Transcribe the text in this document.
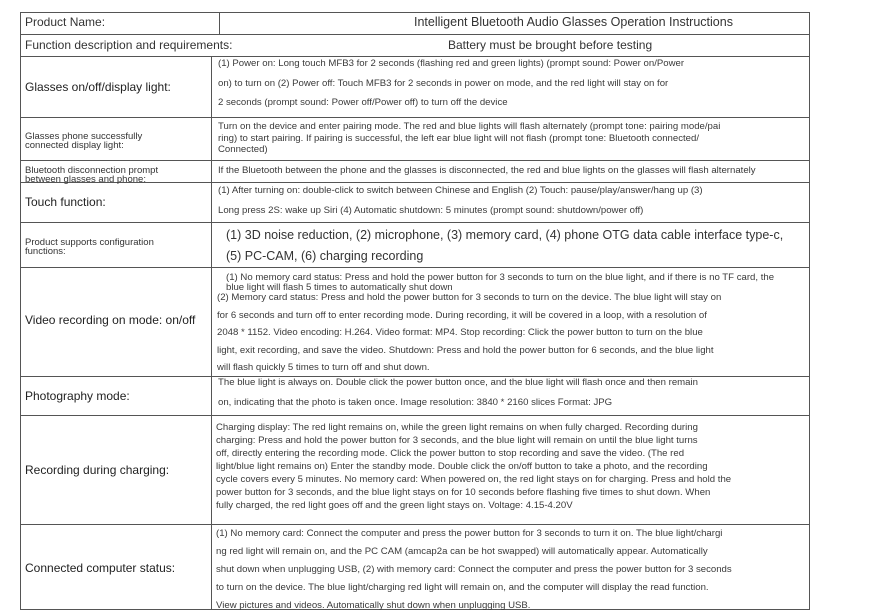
Product Name:	Intelligent Bluetooth Audio Glasses Operation Instructions
Function description and requirements:	Battery must be brought before testing
Glasses on/off/display light:
(1) Power on: Long touch MFB3 for 2 seconds (flashing red and green lights) (prompt sound: Power on/Power
on) to turn on (2) Power off: Touch MFB3 for 2 seconds in power on mode, and the red light will stay on for
2 seconds (prompt sound: Power off/Power off) to turn off the device
Glasses phone successfully
connected display light:
Turn on the device and enter pairing mode. The red and blue lights will flash alternately (prompt tone: pairing mode/pai
ring) to start pairing. If pairing is successful, the left ear blue light will not flash (prompt tone: Bluetooth connected/
Connected)
Bluetooth disconnection prompt
between glasses and phone:
If the Bluetooth between the phone and the glasses is disconnected, the red and blue lights on the glasses will flash alternately
Touch function:
(1) After turning on: double-click to switch between Chinese and English (2) Touch: pause/play/answer/hang up (3)
Long press 2S: wake up Siri (4) Automatic shutdown: 5 minutes (prompt sound: shutdown/power off)
Product supports configuration
functions:
(1) 3D noise reduction, (2) microphone, (3) memory card, (4) phone OTG data cable interface type-c,
(5) PC-CAM, (6) charging recording
Video recording on mode: on/off
(1) No memory card status: Press and hold the power button for 3 seconds to turn on the blue light, and if there is no TF card, the
blue light will flash 5 times to automatically shut down
(2) Memory card status: Press and hold the power button for 3 seconds to turn on the device. The blue light will stay on
for 6 seconds and turn off to enter recording mode. During recording, it will be covered in a loop, with a resolution of
2048 * 1152. Video encoding: H.264. Video format: MP4. Stop recording: Click the power button to turn on the blue
light, exit recording, and save the video. Shutdown: Press and hold the power button for 6 seconds, and the blue light
will flash quickly 5 times to turn off and shut down.
Photography mode:
The blue light is always on. Double click the power button once, and the blue light will flash once and then remain
on, indicating that the photo is taken once. Image resolution: 3840 * 2160 slices Format: JPG
Recording during charging:
Charging display: The red light remains on, while the green light remains on when fully charged. Recording during
charging: Press and hold the power button for 3 seconds, and the blue light will remain on until the blue light turns
off, directly entering the recording mode. Click the power button to stop recording and save the video. (The red
light/blue light remains on) Enter the standby mode. Double click the on/off button to take a photo, and the recording
cycle covers every 5 minutes. No memory card: When powered on, the red light stays on for charging. Press and hold the
power button for 3 seconds, and the blue light stays on for 10 seconds before flashing five times to shut down. When
fully charged, the red light goes off and the green light stays on. Voltage: 4.15-4.20V
Connected computer status:
(1) No memory card: Connect the computer and press the power button for 3 seconds to turn it on. The blue light/chargi
ng red light will remain on, and the PC CAM (amcap2a can be hot swapped) will automatically appear. Automatically
shut down when unplugging USB, (2) with memory card: Connect the computer and press the power button for 3 seconds
to turn on the device. The blue light/charging red light will remain on, and the computer will display the read function.
View pictures and videos. Automatically shut down when unplugging USB.
